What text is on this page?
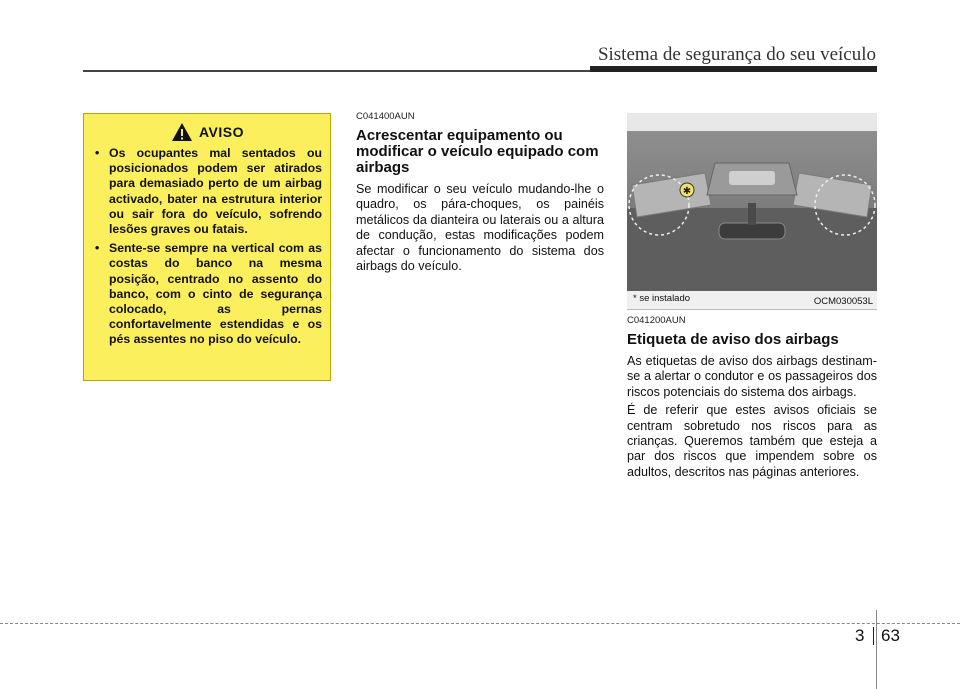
Sistema de segurança do seu veículo
AVISO
• Os ocupantes mal sentados ou posicionados podem ser atirados para demasiado perto de um airbag activado, bater na estrutura interior ou sair fora do veículo, sofrendo lesões graves ou fatais.
• Sente-se sempre na vertical com as costas do banco na mesma posição, centrado no assento do banco, com o cinto de segurança colocado, as pernas confortavelmente estendidas e os pés assentes no piso do veículo.

C041400AUN

Acrescentar equipamento ou modificar o veículo equipado com airbags

Se modificar o seu veículo mudando-lhe o quadro, os pára-choques, os painéis metálicos da dianteira ou laterais ou a altura de condução, estas modificações podem afectar o funcionamento do sistema dos airbags do veículo.

✱
* se instalado	OCM030053L

C041200AUN

Etiqueta de aviso dos airbags

As etiquetas de aviso dos airbags destinam-se a alertar o condutor e os passageiros dos riscos potenciais do sistema dos airbags.

É de referir que estes avisos oficiais se centram sobretudo nos riscos para as crianças. Queremos também que esteja a par dos riscos que impendem sobre os adultos, descritos nas páginas anteriores.

3 63
